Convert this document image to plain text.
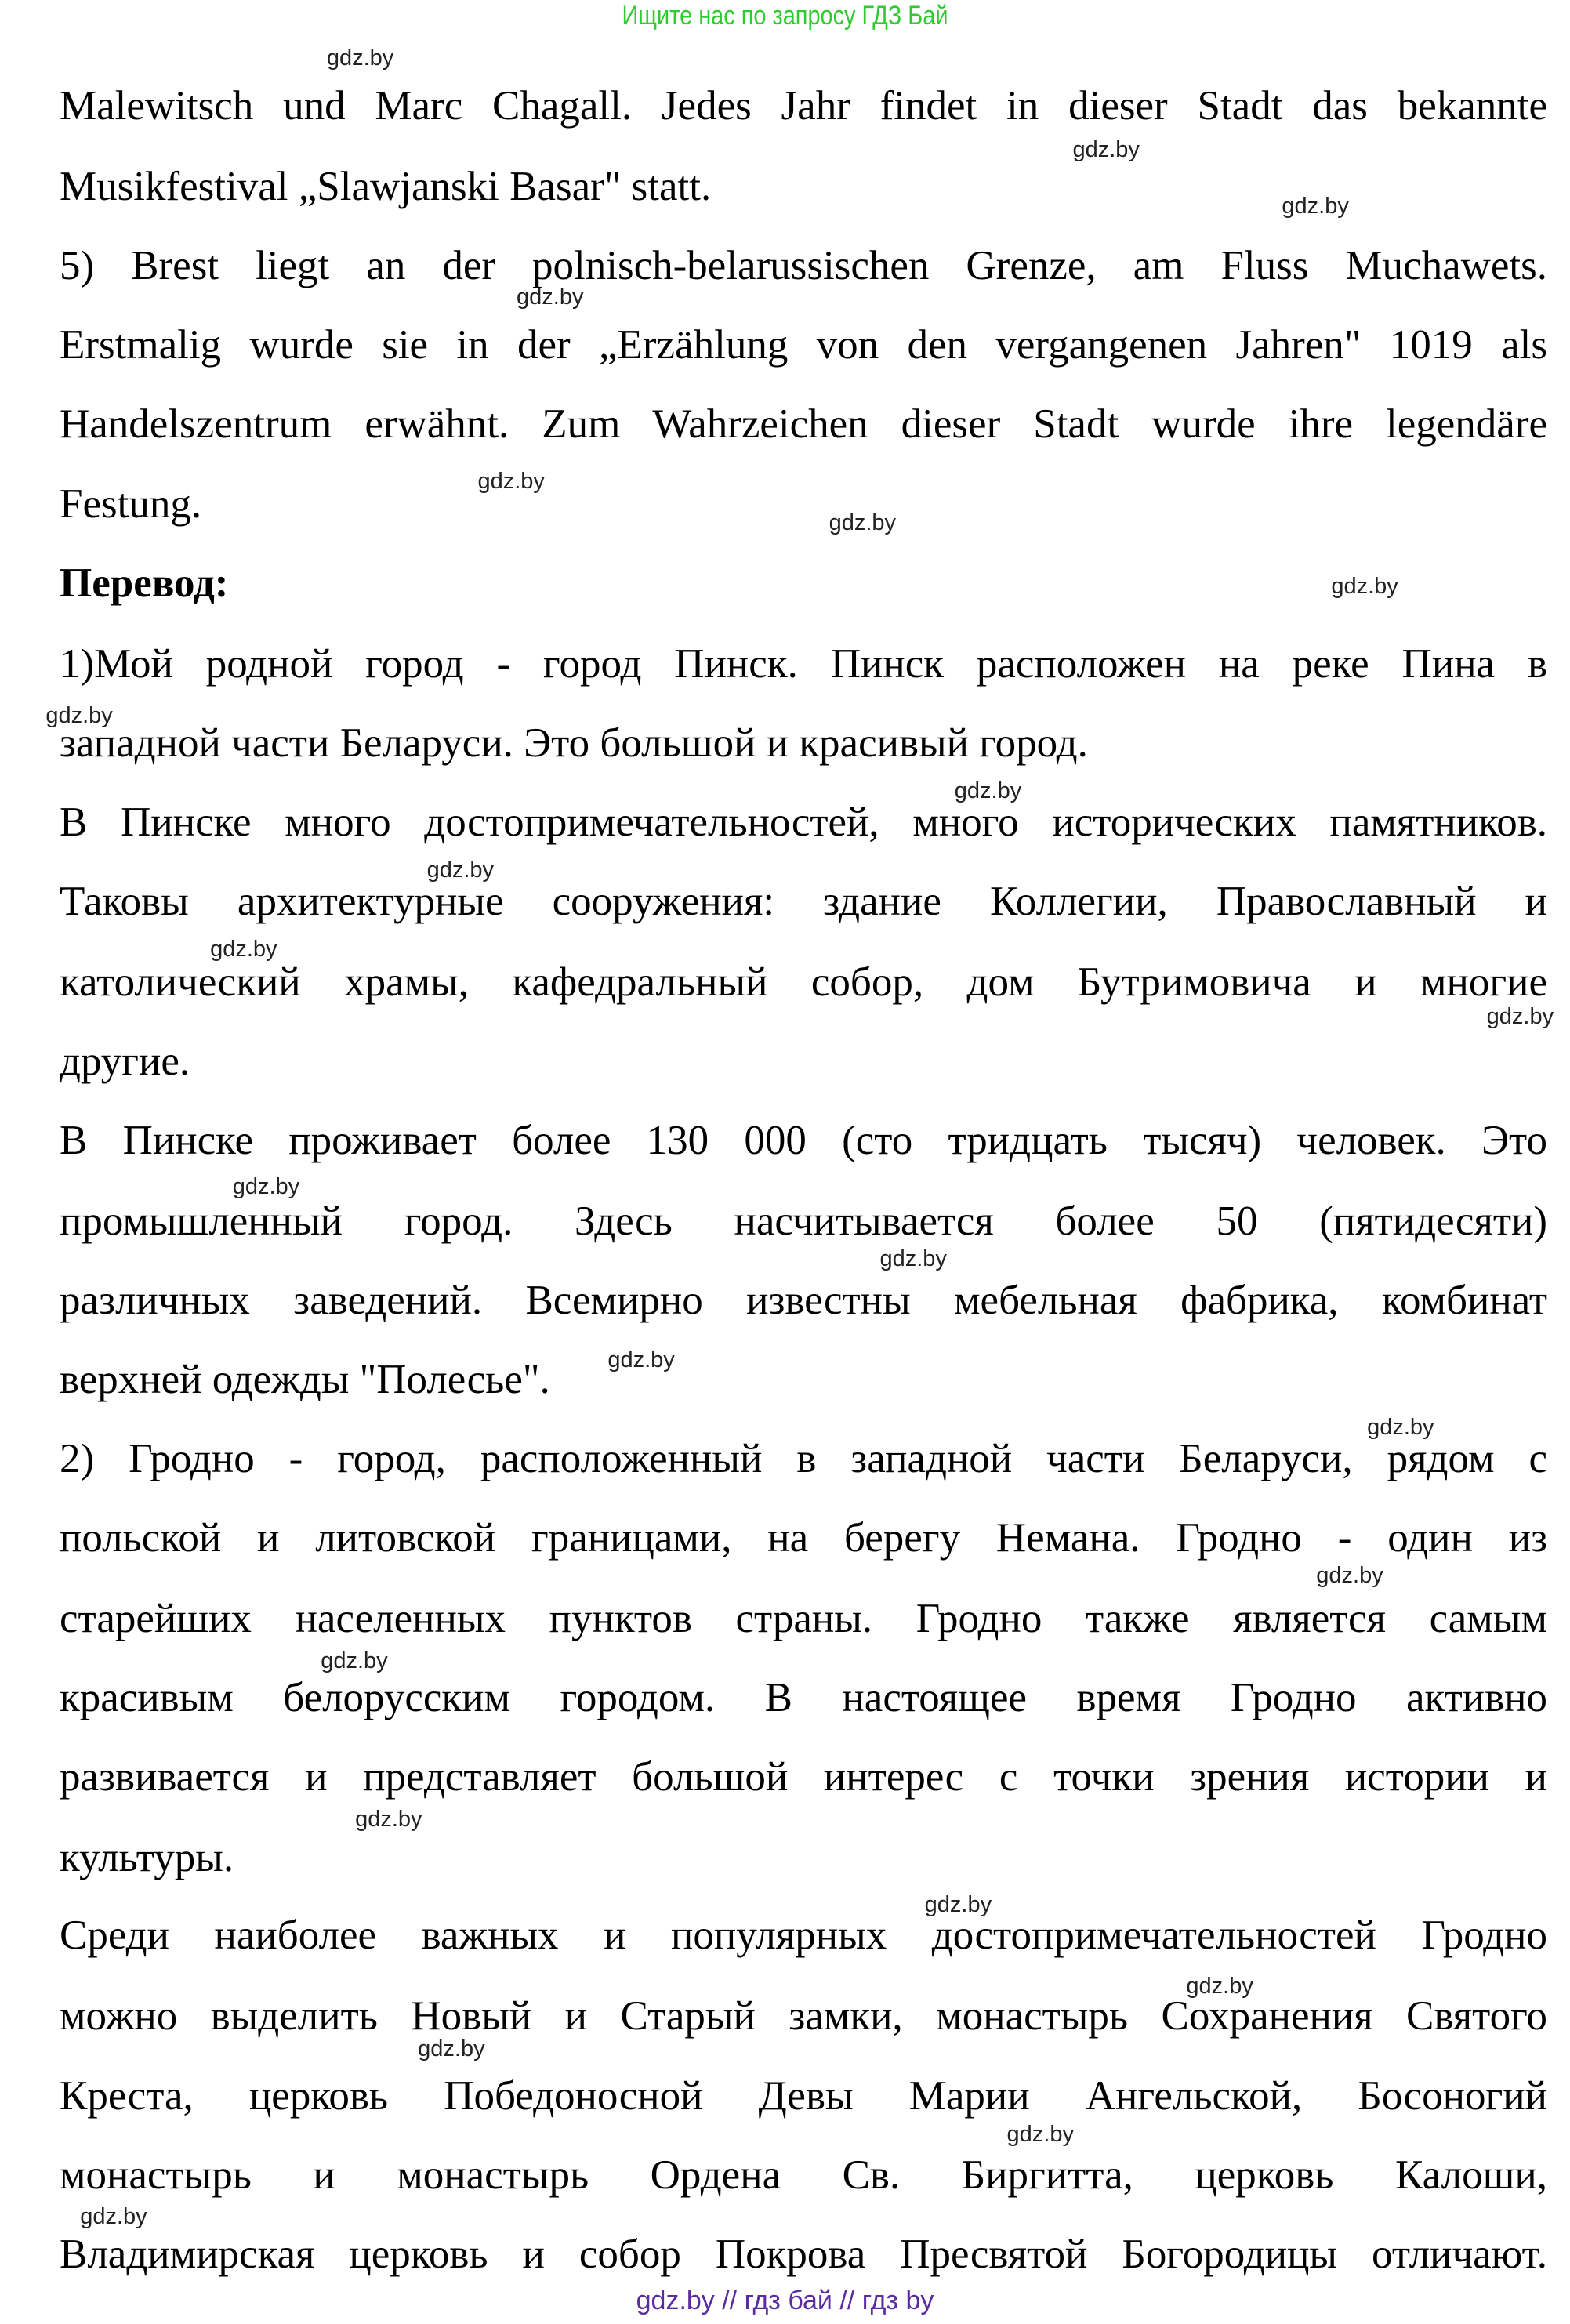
Ищите нас по запросу ГДЗ Бай
Malewitsch und Marc Chagall. Jedes Jahr findet in dieser Stadt das bekannte
Musikfestival „Slawjanski Basar" statt.
5) Brest liegt an der polnisch-belarussischen Grenze, am Fluss Muchawets.
Erstmalig wurde sie in der „Erzählung von den vergangenen Jahren" 1019 als
Handelszentrum erwähnt. Zum Wahrzeichen dieser Stadt wurde ihre legendäre
Festung.
Перевод:
1)Мой родной город - город Пинск. Пинск расположен на реке Пина в
западной части Беларуси. Это большой и красивый город.
В Пинске много достопримечательностей, много исторических памятников.
Таковы архитектурные сооружения: здание Коллегии, Православный и
католический храмы, кафедральный собор, дом Бутримовича и многие
другие.
В Пинске проживает более 130 000 (сто тридцать тысяч) человек. Это
промышленный город. Здесь насчитывается более 50 (пятидесяти)
различных заведений. Всемирно известны мебельная фабрика, комбинат
верхней одежды "Полесье".
2) Гродно - город, расположенный в западной части Беларуси, рядом с
польской и литовской границами, на берегу Немана. Гродно - один из
старейших населенных пунктов страны. Гродно также является самым
красивым белорусским городом. В настоящее время Гродно активно
развивается и представляет большой интерес с точки зрения истории и
культуры.
Среди наиболее важных и популярных достопримечательностей Гродно
можно выделить Новый и Старый замки, монастырь Сохранения Святого
Креста, церковь Победоносной Девы Марии Ангельской, Босоногий
монастырь и монастырь Ордена Св. Биргитта, церковь Калоши,
Владимирская церковь и собор Покрова Пресвятой Богородицы отличают.
gdz.by
gdz.by
gdz.by
gdz.by
gdz.by
gdz.by
gdz.by
gdz.by
gdz.by
gdz.by
gdz.by
gdz.by
gdz.by
gdz.by
gdz.by
gdz.by
gdz.by
gdz.by
gdz.by
gdz.by
gdz.by
gdz.by
gdz.by
gdz.by
gdz.by // гдз бай // гдз by
